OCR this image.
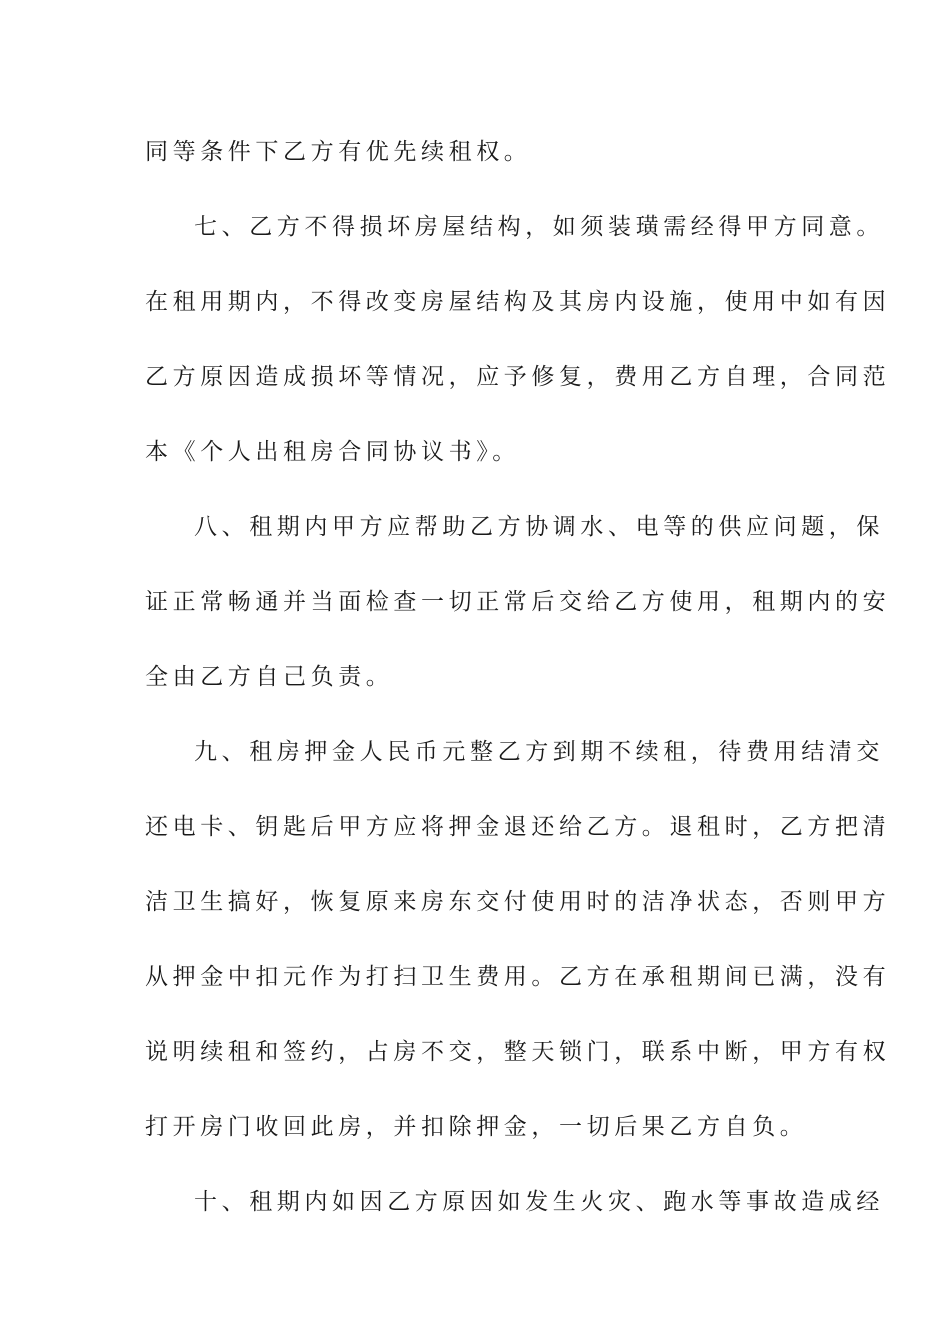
同等条件下乙方有优先续租权。
七、乙方不得损坏房屋结构，如须装璜需经得甲方同意。
在租用期内，不得改变房屋结构及其房内设施，使用中如有因
乙方原因造成损坏等情况，应予修复，费用乙方自理，合同范
本《个人出租房合同协议书》。
八、租期内甲方应帮助乙方协调水、电等的供应问题，保
证正常畅通并当面检查一切正常后交给乙方使用，租期内的安
全由乙方自己负责。
九、租房押金人民币元整乙方到期不续租，待费用结清交
还电卡、钥匙后甲方应将押金退还给乙方。退租时，乙方把清
洁卫生搞好，恢复原来房东交付使用时的洁净状态，否则甲方
从押金中扣元作为打扫卫生费用。乙方在承租期间已满，没有
说明续租和签约，占房不交，整天锁门，联系中断，甲方有权
打开房门收回此房，并扣除押金，一切后果乙方自负。
十、租期内如因乙方原因如发生火灾、跑水等事故造成经
